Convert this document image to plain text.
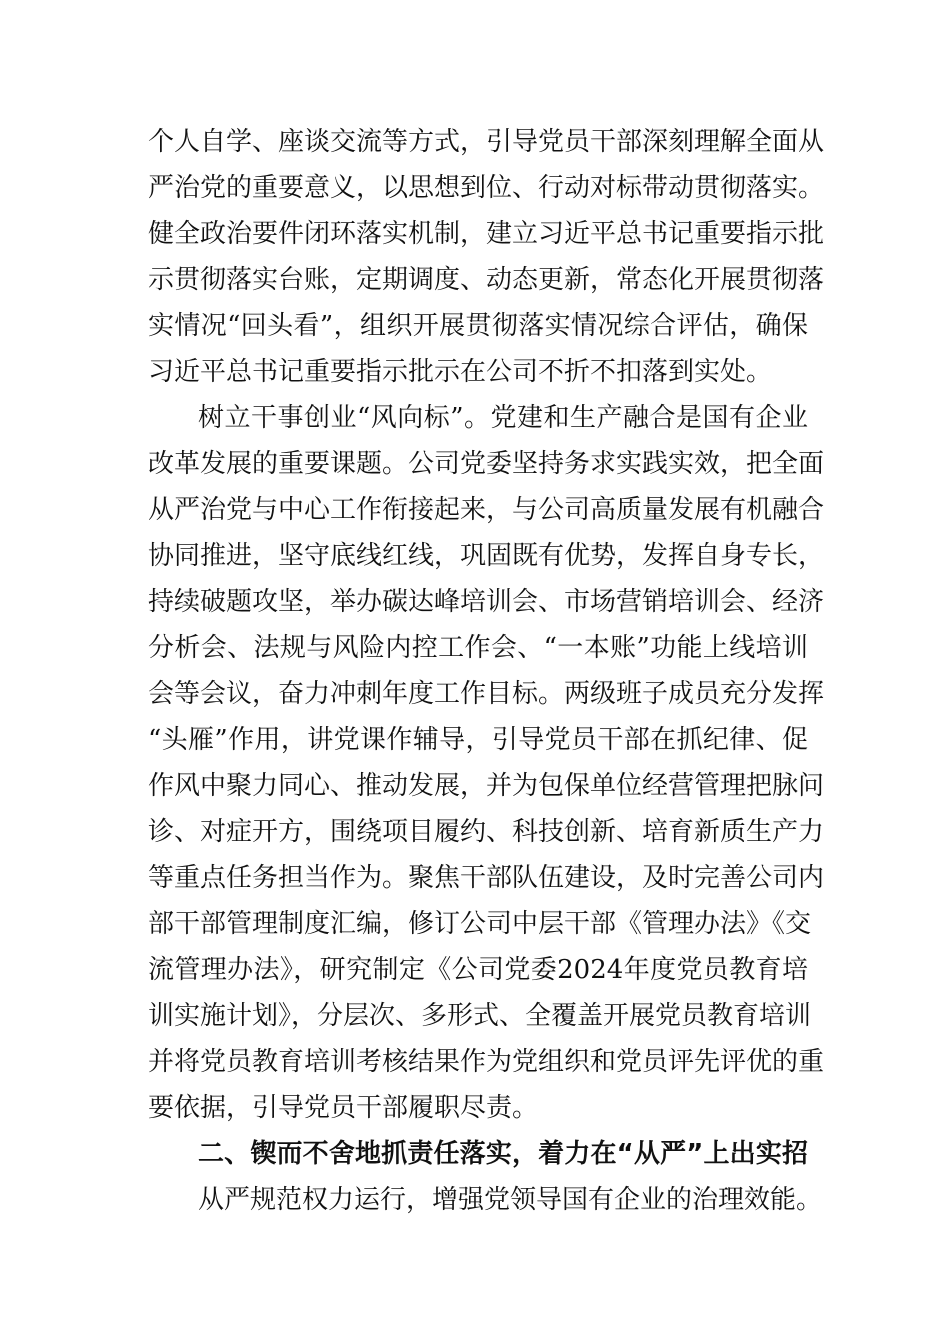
个人自学、座谈交流等方式，引导党员干部深刻理解全面从
严治党的重要意义，以思想到位、行动对标带动贯彻落实。
健全政治要件闭环落实机制，建立习近平总书记重要指示批
示贯彻落实台账，定期调度、动态更新，常态化开展贯彻落
实情况“回头看”，组织开展贯彻落实情况综合评估，确保
习近平总书记重要指示批示在公司不折不扣落到实处。
树立干事创业“风向标”。党建和生产融合是国有企业
改革发展的重要课题。公司党委坚持务求实践实效，把全面
从严治党与中心工作衔接起来，与公司高质量发展有机融合
协同推进，坚守底线红线，巩固既有优势，发挥自身专长，
持续破题攻坚，举办碳达峰培训会、市场营销培训会、经济
分析会、法规与风险内控工作会、“一本账”功能上线培训
会等会议，奋力冲刺年度工作目标。两级班子成员充分发挥
“头雁”作用，讲党课作辅导，引导党员干部在抓纪律、促
作风中聚力同心、推动发展，并为包保单位经营管理把脉问
诊、对症开方，围绕项目履约、科技创新、培育新质生产力
等重点任务担当作为。聚焦干部队伍建设，及时完善公司内
部干部管理制度汇编，修订公司中层干部《管理办法》《交
流管理办法》，研究制定《公司党委2024年度党员教育培
训实施计划》，分层次、多形式、全覆盖开展党员教育培训
并将党员教育培训考核结果作为党组织和党员评先评优的重
要依据，引导党员干部履职尽责。
二、锲而不舍地抓责任落实，着力在“从严”上出实招
从严规范权力运行，增强党领导国有企业的治理效能。
